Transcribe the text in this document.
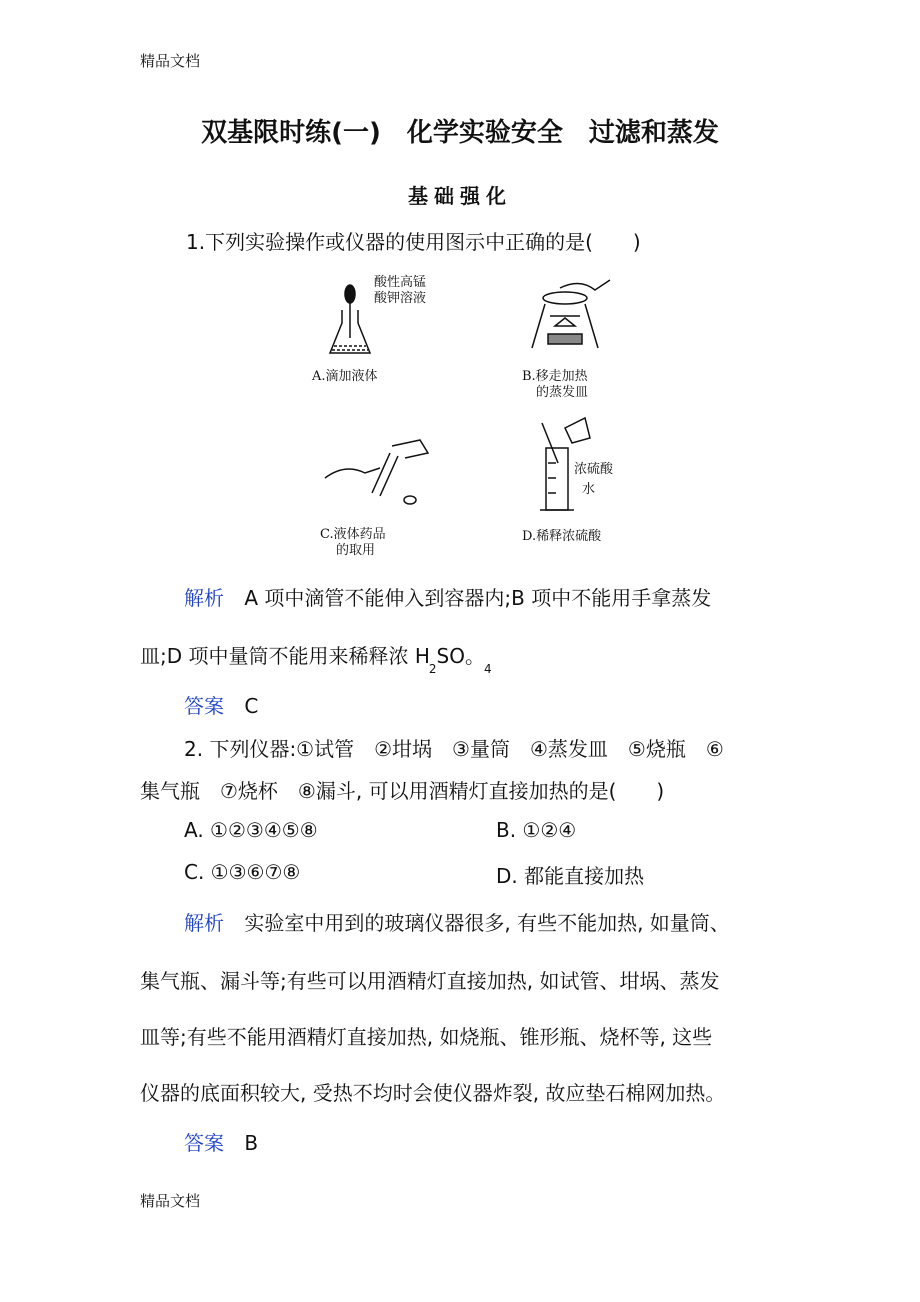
精品文档
双基限时练(一)　化学实验安全　过滤和蒸发
基础强化
1.下列实验操作或仪器的使用图示中正确的是(　　)
酸性高锰
酸钾溶液
A.滴加液体	B.移走加热
的蒸发皿
C.液体药品
的取用
浓硫酸
水
D.稀释浓硫酸
解析 A 项中滴管不能伸入到容器内;B 项中不能用手拿蒸发
皿;D 项中量筒不能用来稀释浓 $H_2SO$。$_4$
答案 C
2. 下列仪器:①试管　②坩埚　③量筒　④蒸发皿　⑤烧瓶　⑥
集气瓶　⑦烧杯　⑧漏斗, 可以用酒精灯直接加热的是(　　)
A. ①②③④⑤⑧	B. ①②④
C. ①③⑥⑦⑧	D. 都能直接加热
解析 实验室中用到的玻璃仪器很多, 有些不能加热, 如量筒、
集气瓶、漏斗等;有些可以用酒精灯直接加热, 如试管、坩埚、蒸发
皿等;有些不能用酒精灯直接加热, 如烧瓶、锥形瓶、烧杯等, 这些
仪器的底面积较大, 受热不均时会使仪器炸裂, 故应垫石棉网加热。
答案 B
精品文档
